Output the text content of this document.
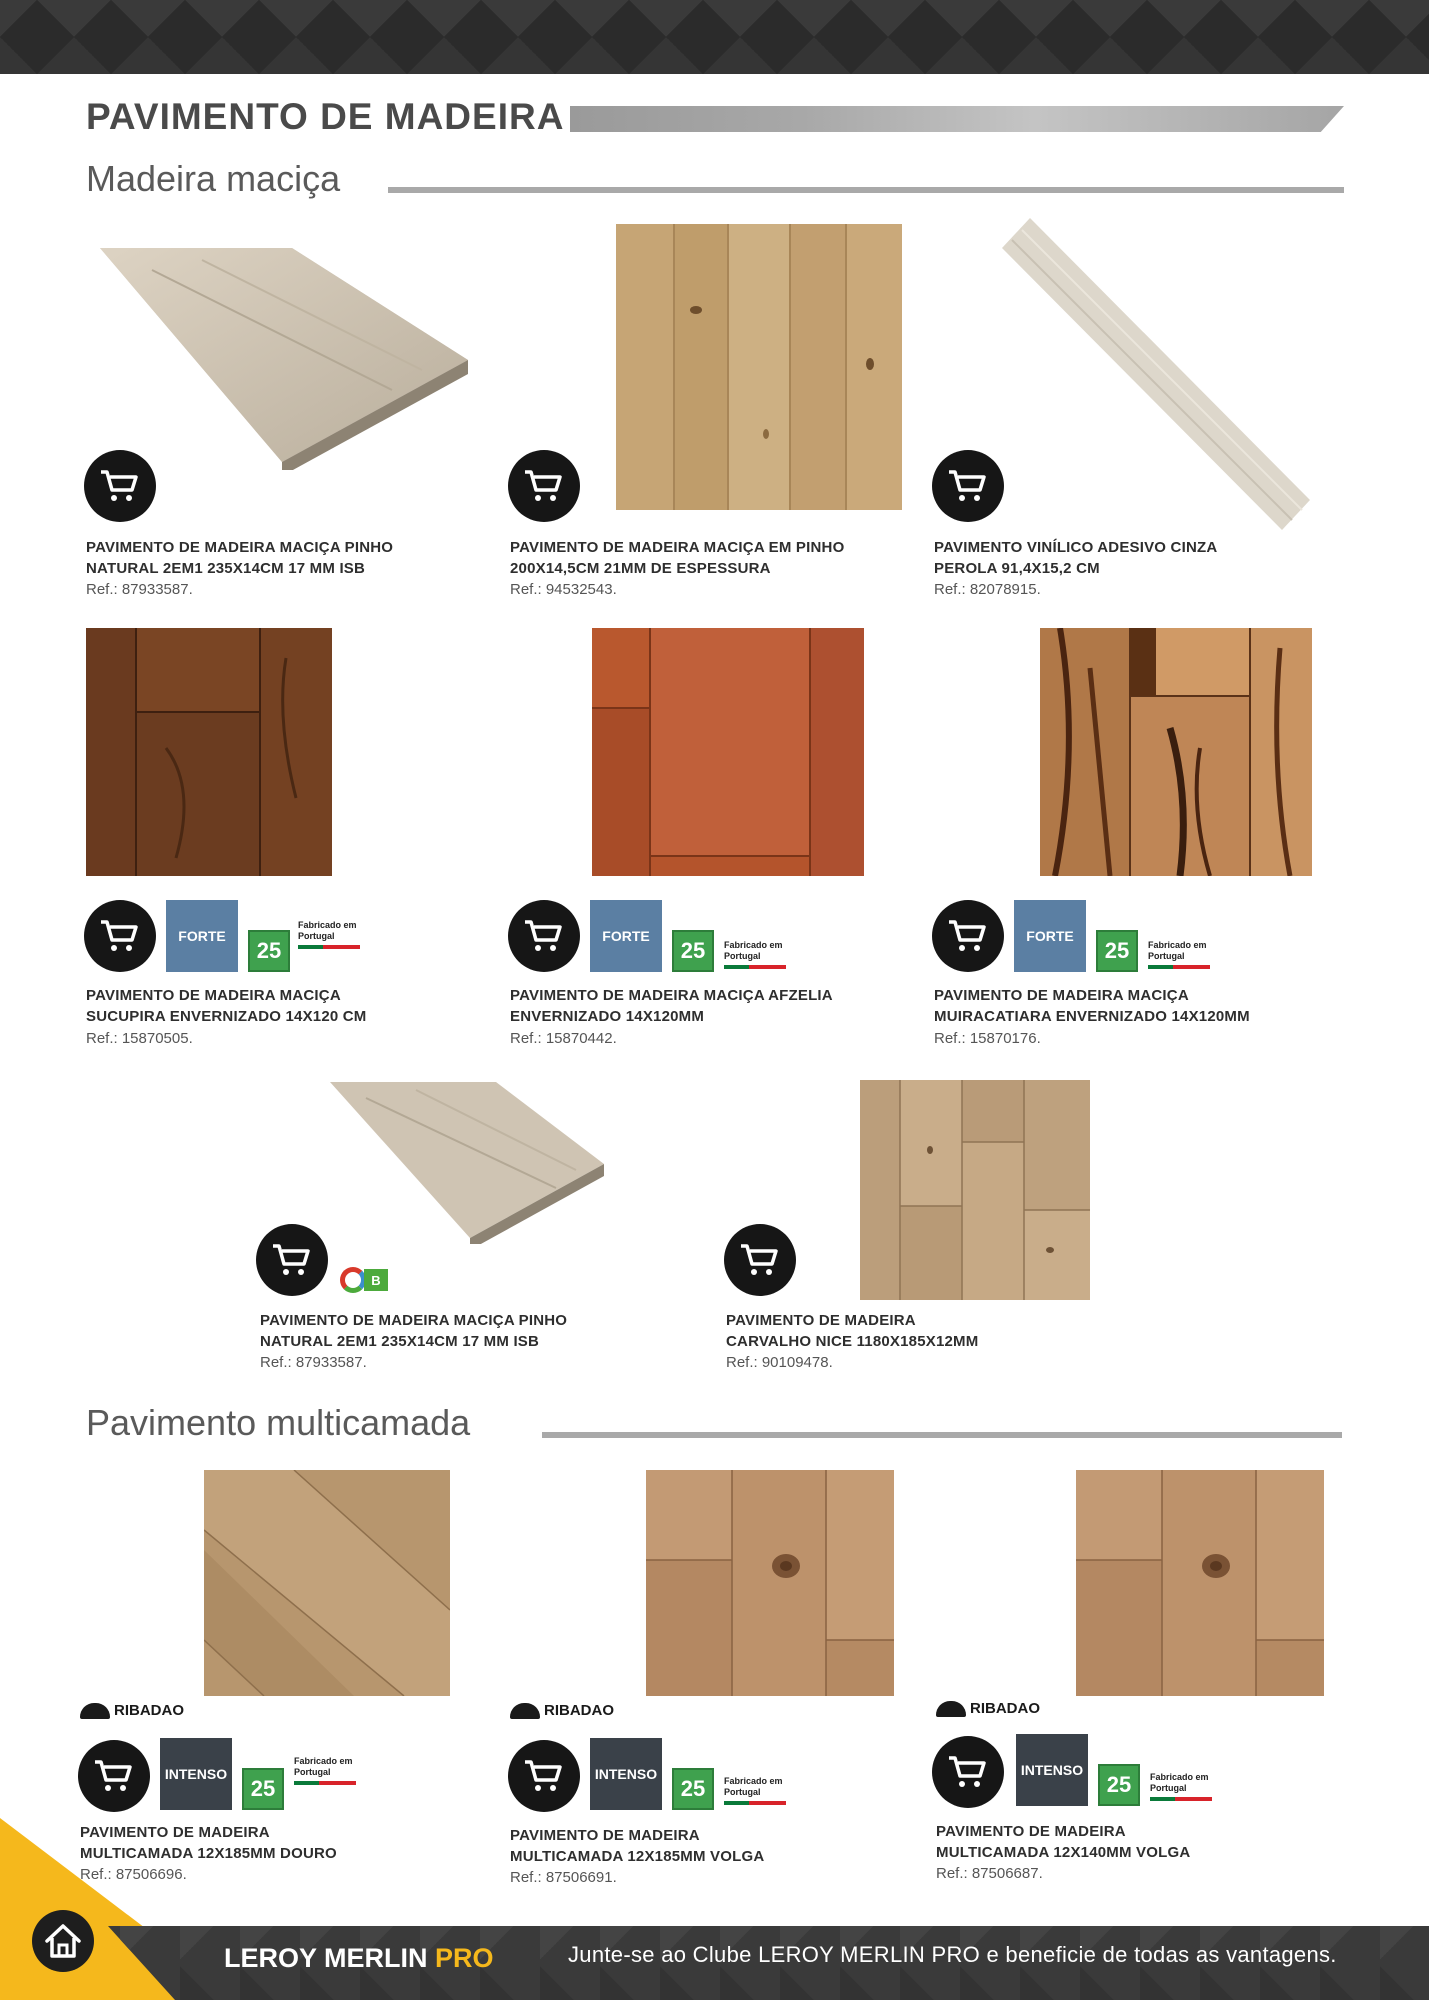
PAVIMENTO DE MADEIRA
Madeira maciça
PAVIMENTO DE MADEIRA MACIÇA PINHO
NATURAL 2EM1 235X14CM 17 MM ISB
Ref.: 87933587.
PAVIMENTO DE MADEIRA MACIÇA EM PINHO
200X14,5CM 21MM DE ESPESSURA
Ref.: 94532543.
PAVIMENTO VINÍLICO ADESIVO CINZA
PEROLA 91,4X15,2 CM
Ref.: 82078915.
FORTE
25
Fabricado em Portugal
PAVIMENTO DE MADEIRA MACIÇA
SUCUPIRA ENVERNIZADO 14X120 CM
Ref.: 15870505.
FORTE
25	Fabricado em Portugal
PAVIMENTO DE MADEIRA MACIÇA AFZELIA
ENVERNIZADO 14X120MM
Ref.: 15870442.
FORTE
25	Fabricado em Portugal
PAVIMENTO DE MADEIRA MACIÇA
MUIRACATIARA ENVERNIZADO 14X120MM
Ref.: 15870176.
B
PAVIMENTO DE MADEIRA MACIÇA PINHO
NATURAL 2EM1 235X14CM 17 MM ISB
Ref.: 87933587.
PAVIMENTO DE MADEIRA
CARVALHO NICE 1180X185X12MM
Ref.: 90109478.
Pavimento multicamada
RIBADAO
INTENSO
25
Fabricado em Portugal
PAVIMENTO DE MADEIRA
MULTICAMADA 12X185MM DOURO
Ref.: 87506696.
RIBADAO
INTENSO
25	Fabricado em Portugal
PAVIMENTO DE MADEIRA
MULTICAMADA 12X185MM VOLGA
Ref.: 87506691.
RIBADAO
INTENSO
25	Fabricado em Portugal
PAVIMENTO DE MADEIRA
MULTICAMADA 12X140MM VOLGA
Ref.: 87506687.
LEROY MERLIN PRO	Junte-se ao Clube LEROY MERLIN PRO e beneficie de todas as vantagens.
